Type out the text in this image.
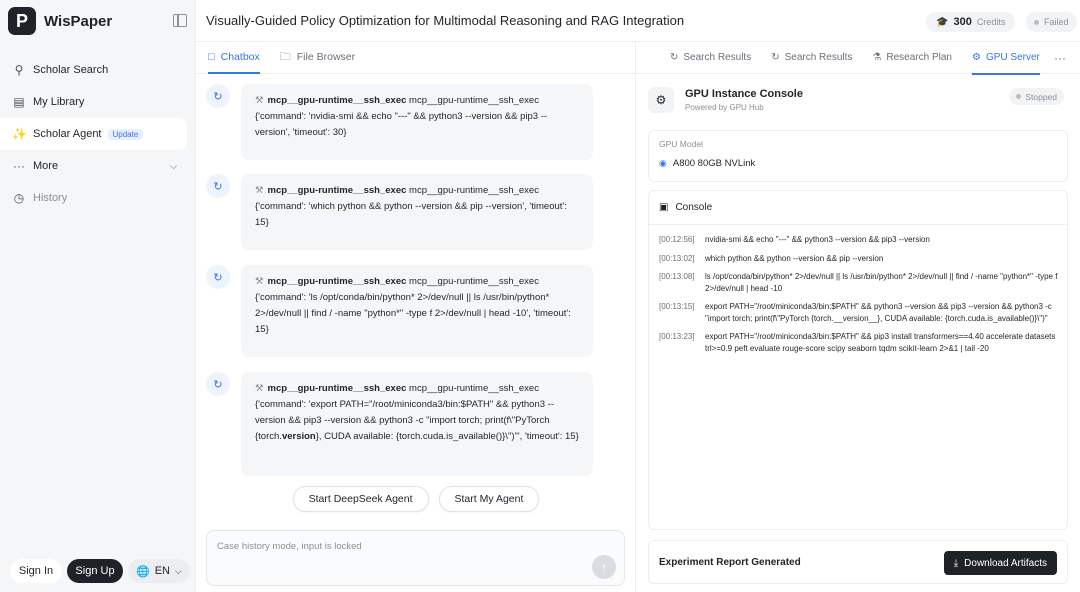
P	WisPaper
⚲ Scholar Search
▤ My Library
✨ Scholar Agent	Update
··· More	⌵
◷ History
Sign In	Sign Up	🌐 EN ⌵
Visually-Guided Policy Optimization for Multimodal Reasoning and RAG Integration	🎓 300 Credits	Failed
□ Chatbox 🗀 File Browser
↻	⚒ mcp__gpu-runtime__ssh_exec mcp__gpu-runtime__ssh_exec {'command': 'nvidia-smi && echo "---" && python3 --version && pip3 --version', 'timeout': 30}
↻	⚒ mcp__gpu-runtime__ssh_exec mcp__gpu-runtime__ssh_exec {'command': 'which python && python --version && pip --version', 'timeout': 15}
↻	⚒ mcp__gpu-runtime__ssh_exec mcp__gpu-runtime__ssh_exec {'command': 'ls /opt/conda/bin/python* 2>/dev/null || ls /usr/bin/python* 2>/dev/null || find / -name "python*" -type f 2>/dev/null | head -10', 'timeout': 15}
↻	⚒ mcp__gpu-runtime__ssh_exec mcp__gpu-runtime__ssh_exec {'command': 'export PATH="/root/miniconda3/bin:$PATH" && python3 --version && pip3 --version && python3 -c "import torch; print(f\"PyTorch {torch.version}, CUDA available: {torch.cuda.is_available()}\")"', 'timeout': 15}
Start DeepSeek Agent	Start My Agent
Case history mode, input is locked
↑
↻ Search Results ↻ Search Results ⚗ Research Plan ⚙ GPU Server ···
⚙	GPU Instance Console
Powered by GPU Hub
Stopped
GPU Model
◉ A800 80GB NVLink
▣ Console
[00:12:56]	nvidia-smi && echo "---" && python3 --version && pip3 --version
[00:13:02]	which python && python --version && pip --version
[00:13:08]	ls /opt/conda/bin/python* 2>/dev/null || ls /usr/bin/python* 2>/dev/null || find / -name "python*" -type f 2>/dev/null | head -10
[00:13:15]	export PATH="/root/miniconda3/bin:$PATH" && python3 --version && pip3 --version && python3 -c "import torch; print(f\"PyTorch {torch.__version__}, CUDA available: {torch.cuda.is_available()}\")"
[00:13:23]	export PATH="/root/miniconda3/bin:$PATH" && pip3 install transformers==4.40 accelerate datasets trl>=0.9 peft evaluate rouge-score scipy seaborn tqdm scikit-learn 2>&1 | tail -20
Experiment Report Generated	⤓ Download Artifacts
